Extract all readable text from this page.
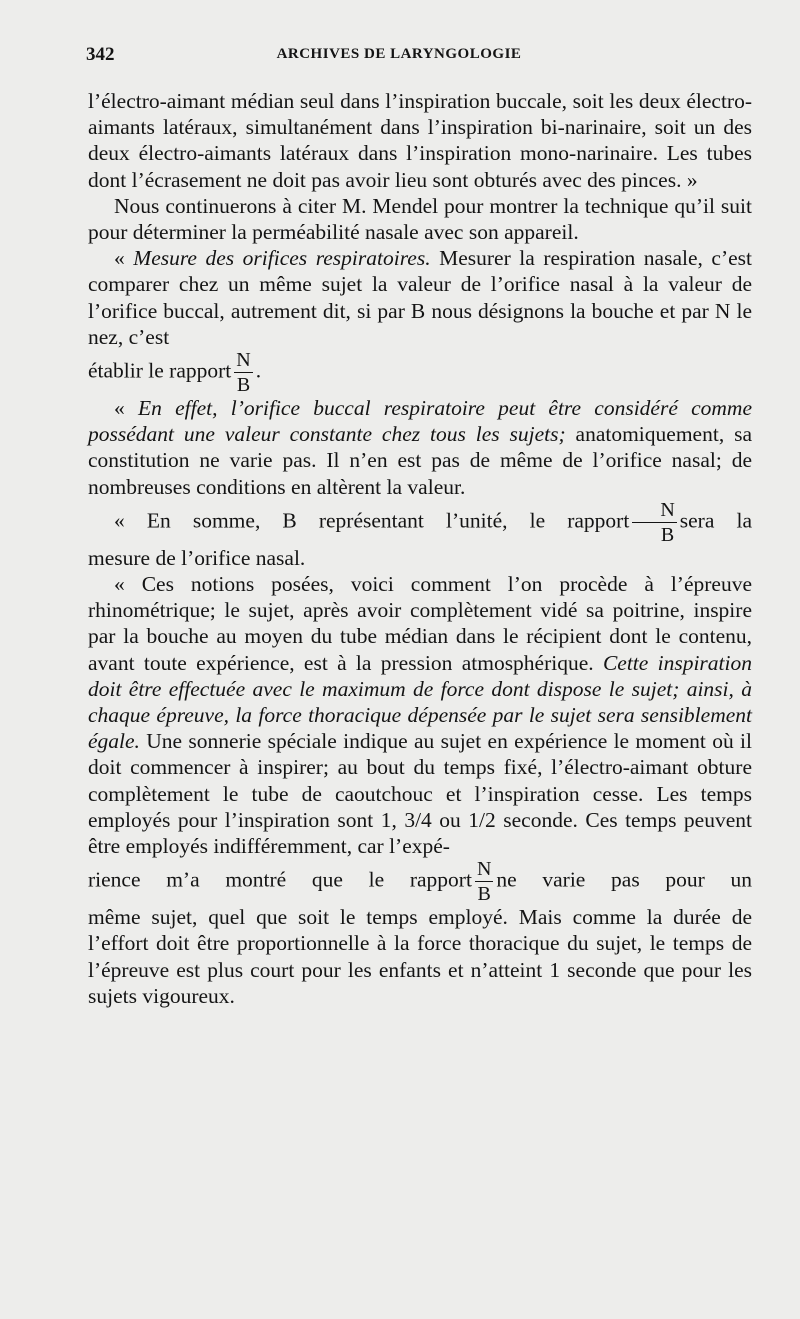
342	ARCHIVES DE LARYNGOLOGIE

l’électro-aimant médian seul dans l’inspiration buccale, soit les deux électro-aimants latéraux, simultanément dans l’inspiration bi-narinaire, soit un des deux électro-aimants latéraux dans l’inspiration mono-narinaire. Les tubes dont l’écrasement ne doit pas avoir lieu sont obturés avec des pinces. »

Nous continuerons à citer M. Mendel pour montrer la technique qu’il suit pour déterminer la perméabilité nasale avec son appareil.

« Mesure des orifices respiratoires. Mesurer la respiration nasale, c’est comparer chez un même sujet la valeur de l’orifice nasal à la valeur de l’orifice buccal, autrement dit, si par B nous désignons la bouche et par N le nez, c’est

établir le rapport $\frac{N}{B}$ .

« En effet, l’orifice buccal respiratoire peut être considéré comme possédant une valeur constante chez tous les sujets; anatomiquement, sa constitution ne varie pas. Il n’en est pas de même de l’orifice nasal; de nombreuses conditions en altèrent la valeur.

« En somme, B représentant l’unité, le rapport $\frac{N}{B}$ sera la

mesure de l’orifice nasal.

« Ces notions posées, voici comment l’on procède à l’épreuve rhinométrique; le sujet, après avoir complètement vidé sa poitrine, inspire par la bouche au moyen du tube médian dans le récipient dont le contenu, avant toute expérience, est à la pression atmosphérique. Cette inspiration doit être effectuée avec le maximum de force dont dispose le sujet; ainsi, à chaque épreuve, la force thoracique dépensée par le sujet sera sensiblement égale. Une sonnerie spéciale indique au sujet en expérience le moment où il doit commencer à inspirer; au bout du temps fixé, l’électro-aimant obture complètement le tube de caoutchouc et l’inspiration cesse. Les temps employés pour l’inspiration sont 1, 3/4 ou 1/2 seconde. Ces temps peuvent être employés indifféremment, car l’expé-

rience m’a montré que le rapport $\frac{N}{B}$ ne varie pas pour un

même sujet, quel que soit le temps employé. Mais comme la durée de l’effort doit être proportionnelle à la force thoracique du sujet, le temps de l’épreuve est plus court pour les enfants et n’atteint 1 seconde que pour les sujets vigoureux.
